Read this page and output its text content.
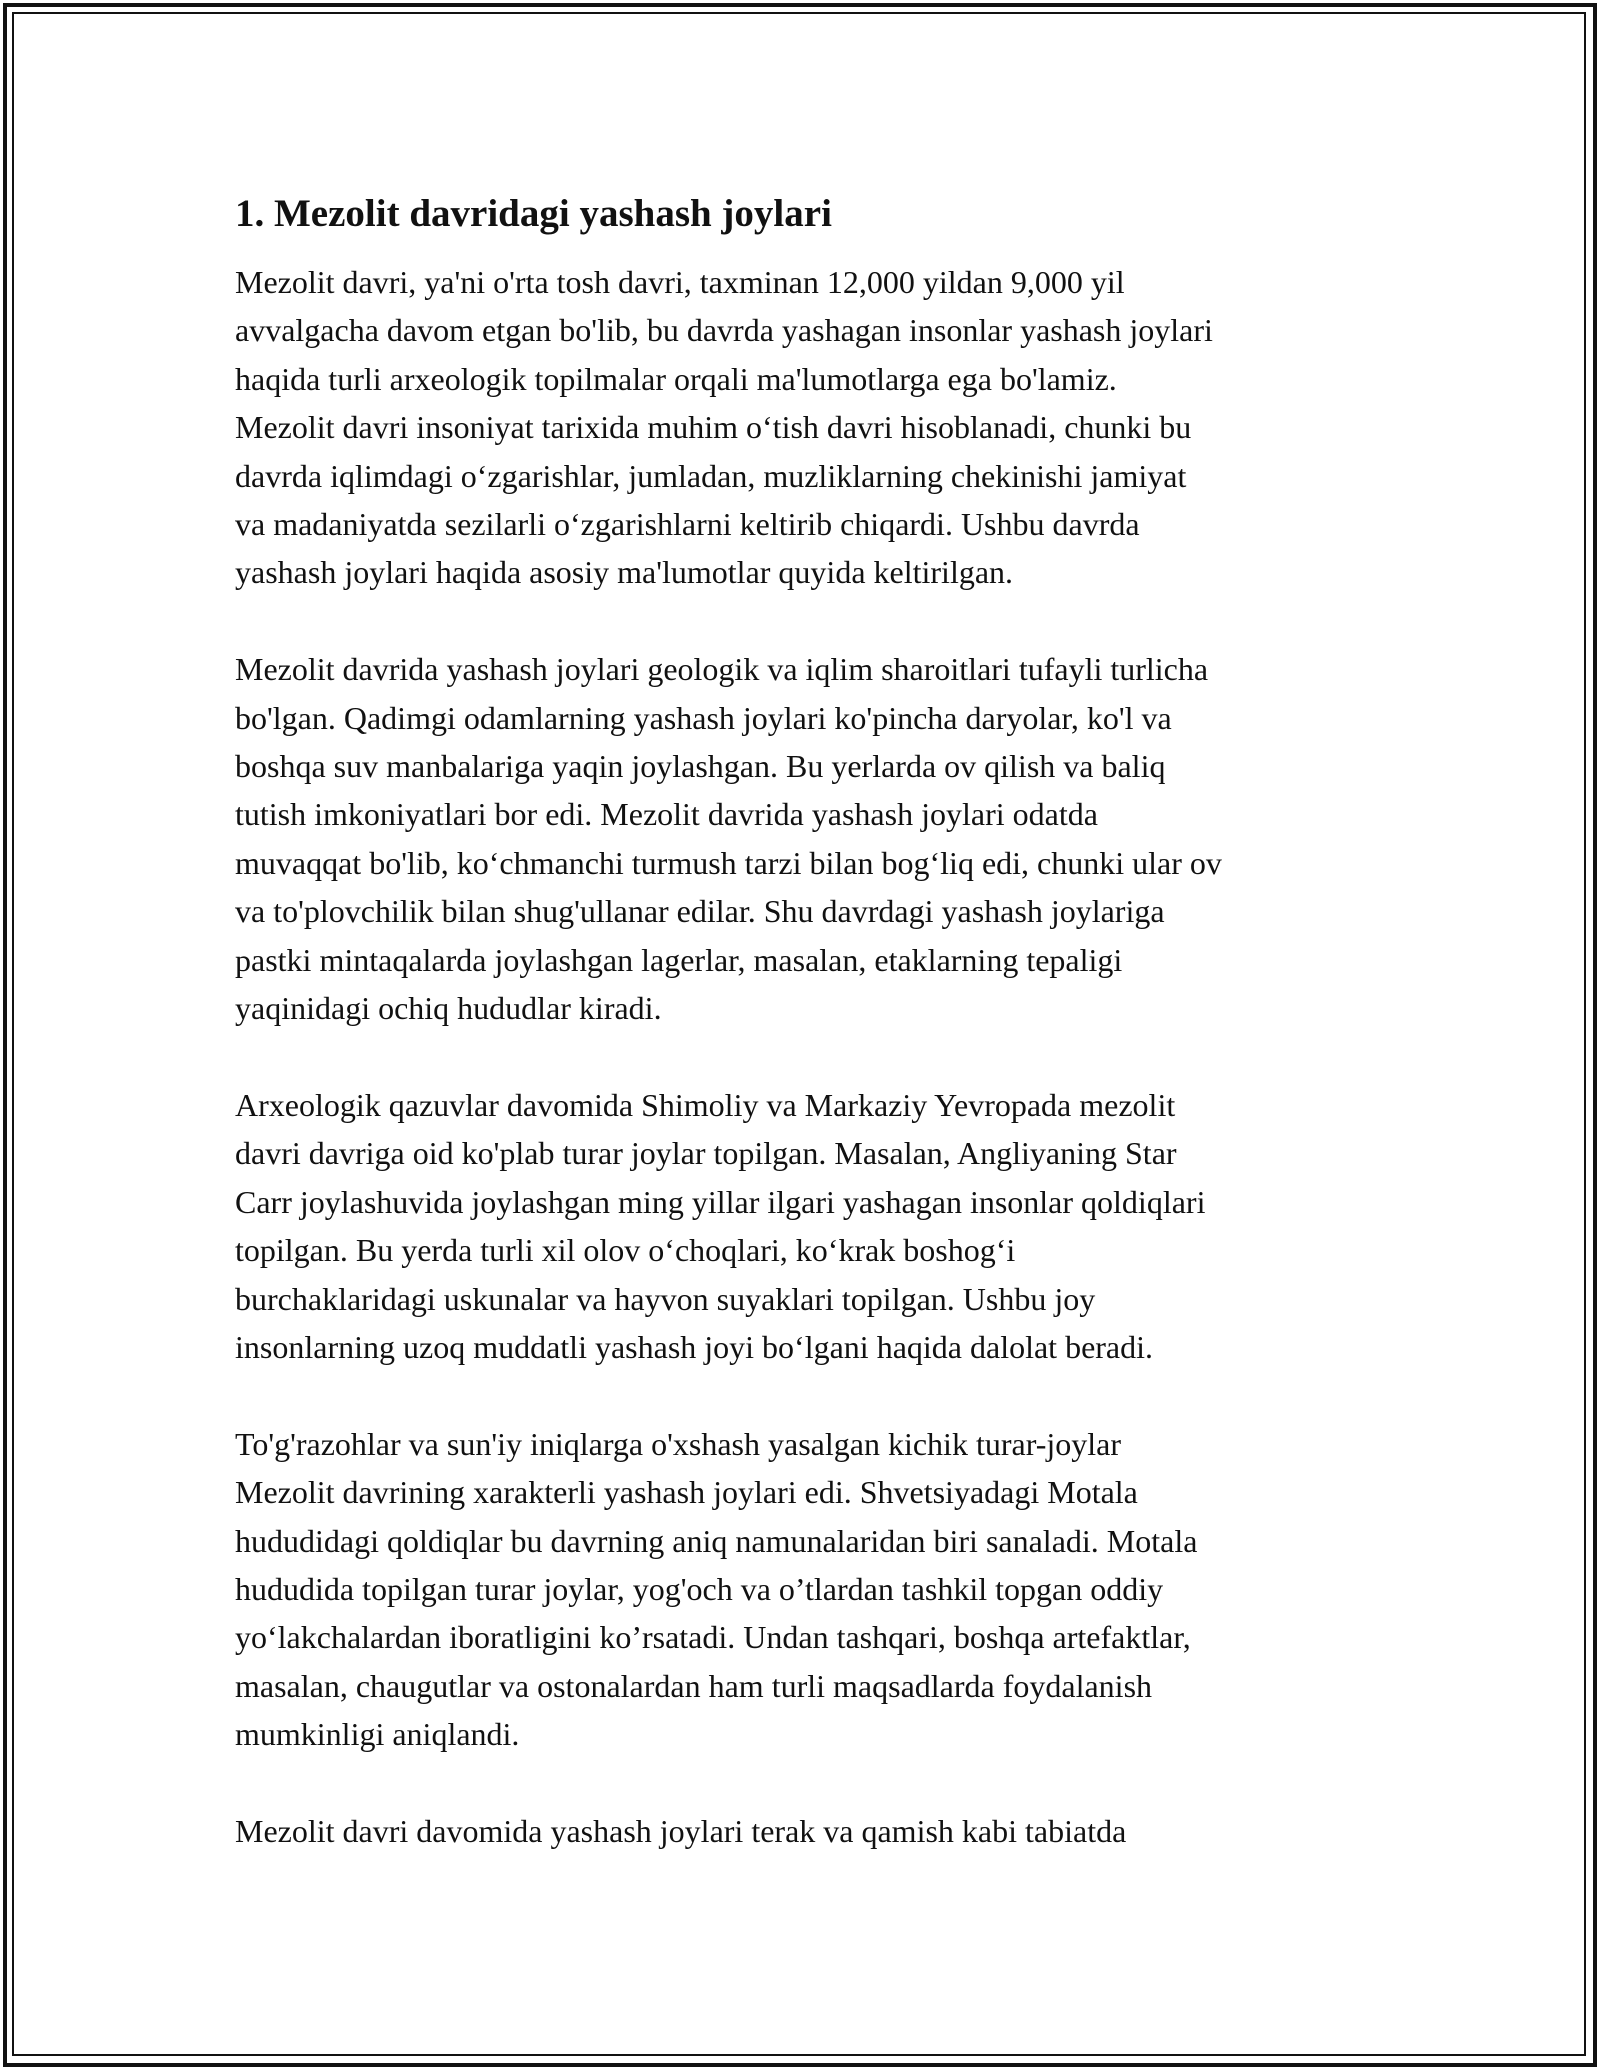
1. Mezolit davridagi yashash joylari
Mezolit davri, ya'ni o'rta tosh davri, taxminan 12,000 yildan 9,000 yil
avvalgacha davom etgan bo'lib, bu davrda yashagan insonlar yashash joylari
haqida turli arxeologik topilmalar orqali ma'lumotlarga ega bo'lamiz.
Mezolit davri insoniyat tarixida muhim o‘tish davri hisoblanadi, chunki bu
davrda iqlimdagi o‘zgarishlar, jumladan, muzliklarning chekinishi jamiyat
va madaniyatda sezilarli o‘zgarishlarni keltirib chiqardi. Ushbu davrda
yashash joylari haqida asosiy ma'lumotlar quyida keltirilgan.
Mezolit davrida yashash joylari geologik va iqlim sharoitlari tufayli turlicha
bo'lgan. Qadimgi odamlarning yashash joylari ko'pincha daryolar, ko'l va
boshqa suv manbalariga yaqin joylashgan. Bu yerlarda ov qilish va baliq
tutish imkoniyatlari bor edi. Mezolit davrida yashash joylari odatda
muvaqqat bo'lib, ko‘chmanchi turmush tarzi bilan bog‘liq edi, chunki ular ov
va to'plovchilik bilan shug'ullanar edilar. Shu davrdagi yashash joylariga
pastki mintaqalarda joylashgan lagerlar, masalan, etaklarning tepaligi
yaqinidagi ochiq hududlar kiradi.
Arxeologik qazuvlar davomida Shimoliy va Markaziy Yevropada mezolit
davri davriga oid ko'plab turar joylar topilgan. Masalan, Angliyaning Star
Carr joylashuvida joylashgan ming yillar ilgari yashagan insonlar qoldiqlari
topilgan. Bu yerda turli xil olov o‘choqlari, ko‘krak boshog‘i
burchaklaridagi uskunalar va hayvon suyaklari topilgan. Ushbu joy
insonlarning uzoq muddatli yashash joyi bo‘lgani haqida dalolat beradi.
To'g'razohlar va sun'iy iniqlarga o'xshash yasalgan kichik turar-joylar
Mezolit davrining xarakterli yashash joylari edi. Shvetsiyadagi Motala
hududidagi qoldiqlar bu davrning aniq namunalaridan biri sanaladi. Motala
hududida topilgan turar joylar, yog'och va o’tlardan tashkil topgan oddiy
yo‘lakchalardan iboratligini ko’rsatadi. Undan tashqari, boshqa artefaktlar,
masalan, chaugutlar va ostonalardan ham turli maqsadlarda foydalanish
mumkinligi aniqlandi.
Mezolit davri davomida yashash joylari terak va qamish kabi tabiatda
